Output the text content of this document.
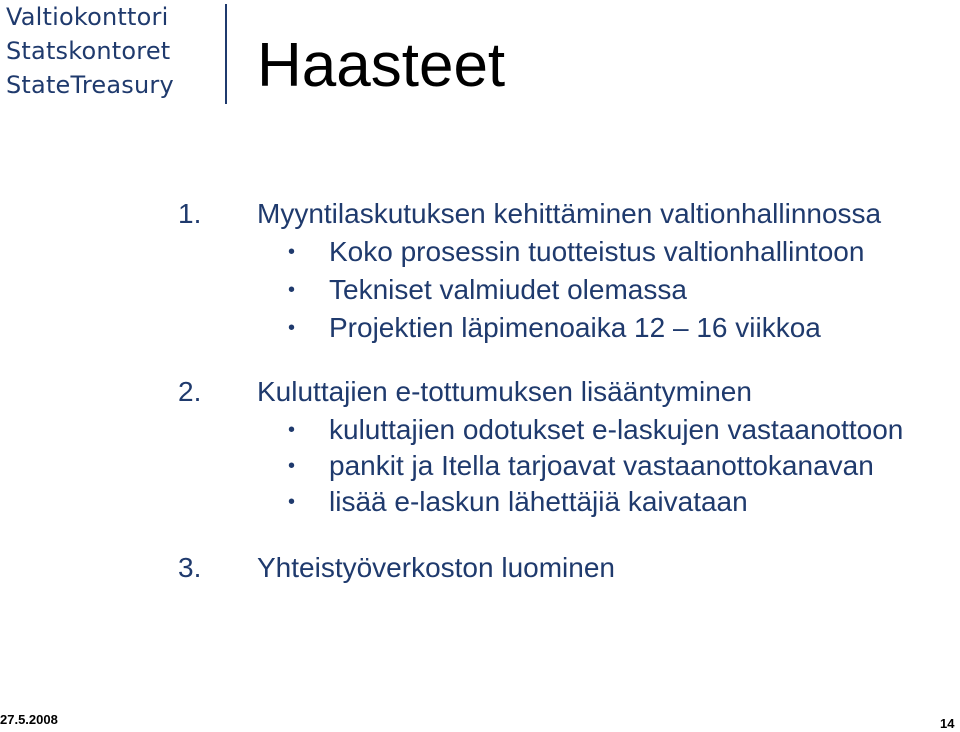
Valtiokonttori
Statskontoret
StateTreasury	Haasteet
1. Myyntilaskutuksen kehittäminen valtionhallinnossa
• Koko prosessin tuotteistus valtionhallintoon
• Tekniset valmiudet olemassa
• Projektien läpimenoaika 12 – 16 viikkoa
2. Kuluttajien e-tottumuksen lisääntyminen
• kuluttajien odotukset e-laskujen vastaanottoon
• pankit ja Itella tarjoavat vastaanottokanavan
• lisää e-laskun lähettäjiä kaivataan
3. Yhteistyöverkoston luominen
27.5.2008	14
